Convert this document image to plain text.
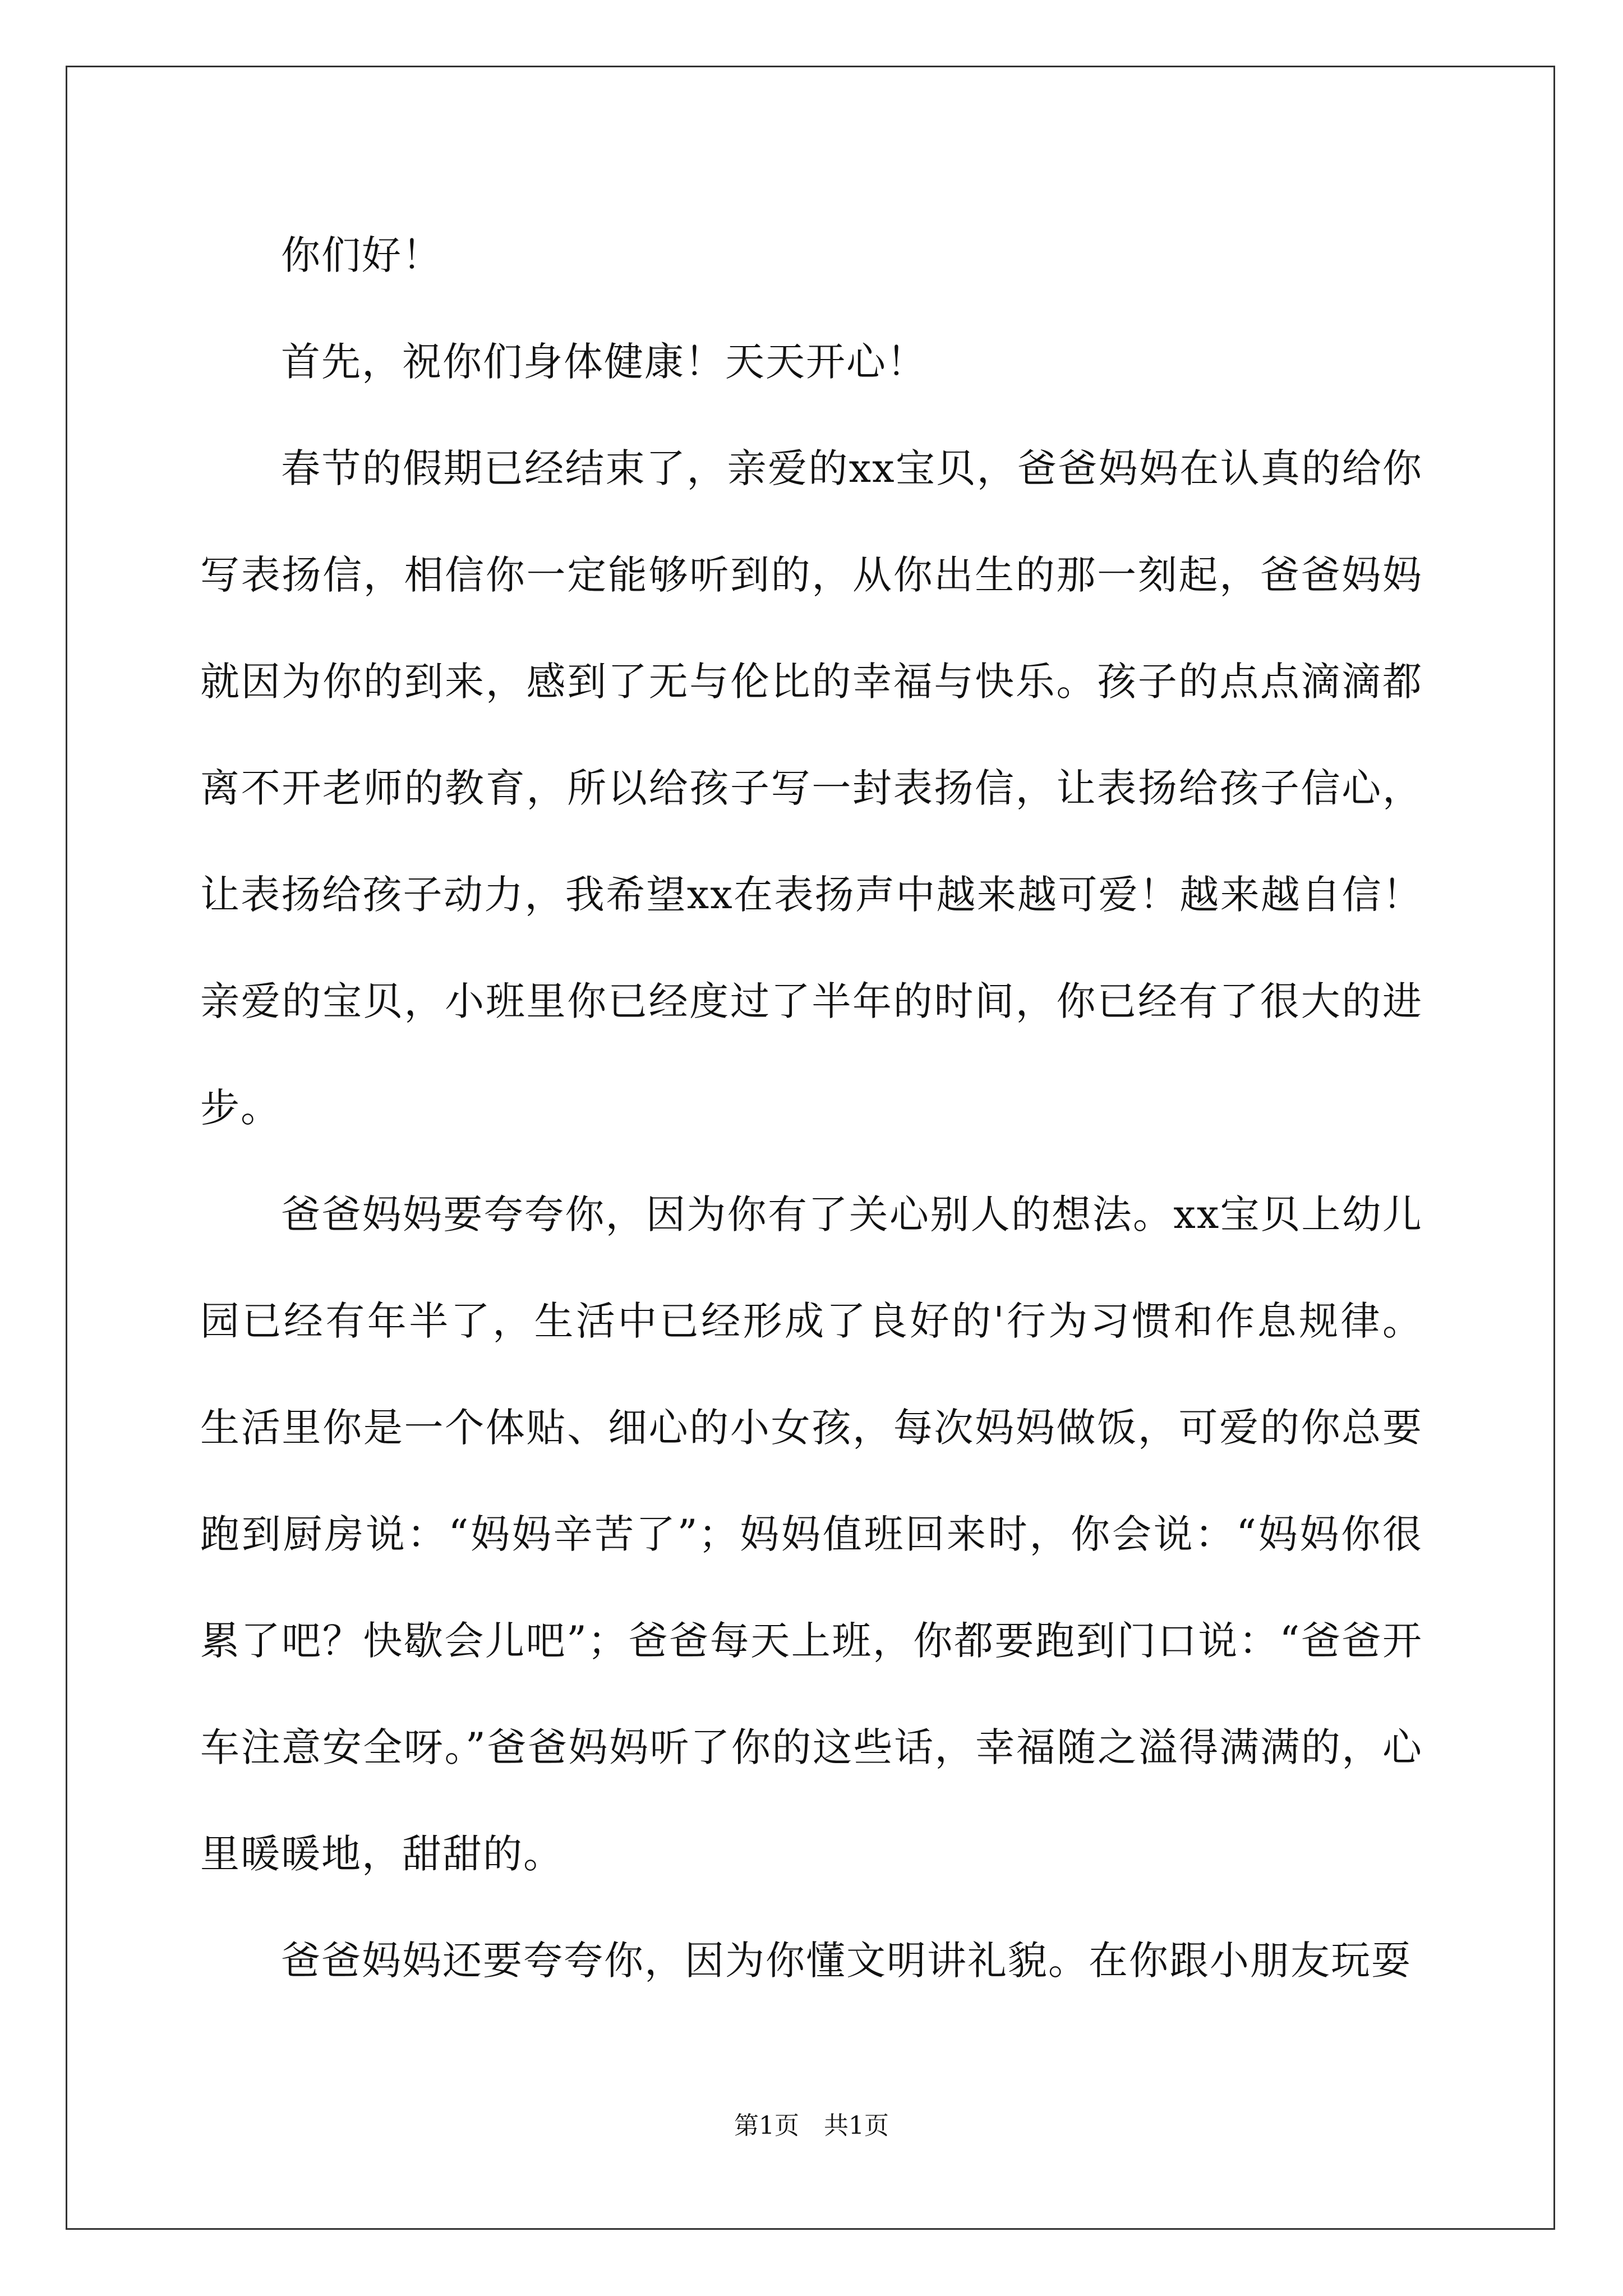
你们好！

首先，祝你们身体健康！天天开心！

春节的假期已经结束了，亲爱的xx宝贝，爸爸妈妈在认真的给你写表扬信，相信你一定能够听到的，从你出生的那一刻起，爸爸妈妈就因为你的到来，感到了无与伦比的幸福与快乐。孩子的点点滴滴都离不开老师的教育，所以给孩子写一封表扬信，让表扬给孩子信心，让表扬给孩子动力，我希望xx在表扬声中越来越可爱！越来越自信！亲爱的宝贝，小班里你已经度过了半年的时间，你已经有了很大的进步。

爸爸妈妈要夸夸你，因为你有了关心别人的想法。xx宝贝上幼儿园已经有年半了，生活中已经形成了良好的'行为习惯和作息规律。生活里你是一个体贴、细心的小女孩，每次妈妈做饭，可爱的你总要跑到厨房说：“妈妈辛苦了”；妈妈值班回来时，你会说：“妈妈你很累了吧？快歇会儿吧”；爸爸每天上班，你都要跑到门口说：“爸爸开车注意安全呀。”爸爸妈妈听了你的这些话，幸福随之溢得满满的，心里暖暖地，甜甜的。

爸爸妈妈还要夸夸你，因为你懂文明讲礼貌。在你跟小朋友玩耍

第1页　共1页
